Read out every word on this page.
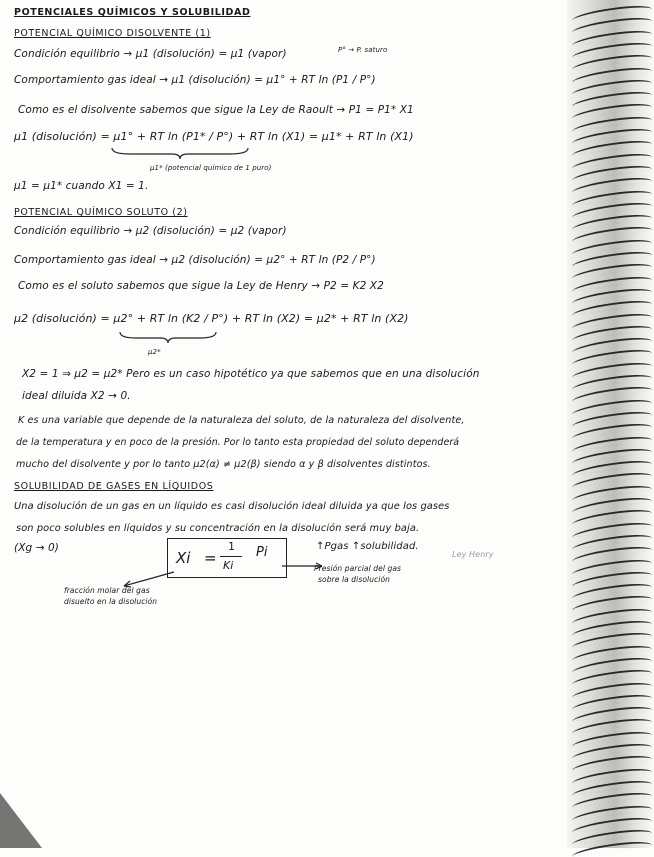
POTENCIALES QUÍMICOS Y SOLUBILIDAD
POTENCIAL QUÍMICO DISOLVENTE (1)
Condición equilibrio → μ1 (disolución) = μ1 (vapor)	P° → P. saturo
Comportamiento gas ideal → μ1 (disolución) = μ1° + RT ln (P1 / P°)
Como es el disolvente sabemos que sigue la Ley de Raoult → P1 = P1* X1
μ1 (disolución) = μ1° + RT ln (P1* / P°) + RT ln (X1) = μ1* + RT ln (X1)
μ1* (potencial químico de 1 puro)
μ1 = μ1* cuando X1 = 1.
POTENCIAL QUÍMICO SOLUTO (2)
Condición equilibrio → μ2 (disolución) = μ2 (vapor)
Comportamiento gas ideal → μ2 (disolución) = μ2° + RT ln (P2 / P°)
Como es el soluto sabemos que sigue la Ley de Henry → P2 = K2 X2
μ2 (disolución) = μ2° + RT ln (K2 / P°) + RT ln (X2) = μ2* + RT ln (X2)
μ2*
X2 = 1 ⇒ μ2 = μ2* Pero es un caso hipotético ya que sabemos que en una disolución
ideal diluida X2 → 0.
K es una variable que depende de la naturaleza del soluto, de la naturaleza del disolvente,
de la temperatura y en poco de la presión. Por lo tanto esta propiedad del soluto dependerá
mucho del disolvente y por lo tanto μ2(α) ≠ μ2(β) siendo α y β disolventes distintos.
SOLUBILIDAD DE GASES EN LÍQUIDOS
Una disolución de un gas en un líquido es casi disolución ideal diluida ya que los gases
son poco solubles en líquidos y su concentración en la disolución será muy baja.
(Xg → 0)
Xi =
1
Ki
Pi	↑Pgas ↑solubilidad.
Ley Henry
fracción molar del gas
disuelto en la disolución
Presión parcial del gas
sobre la disolución
